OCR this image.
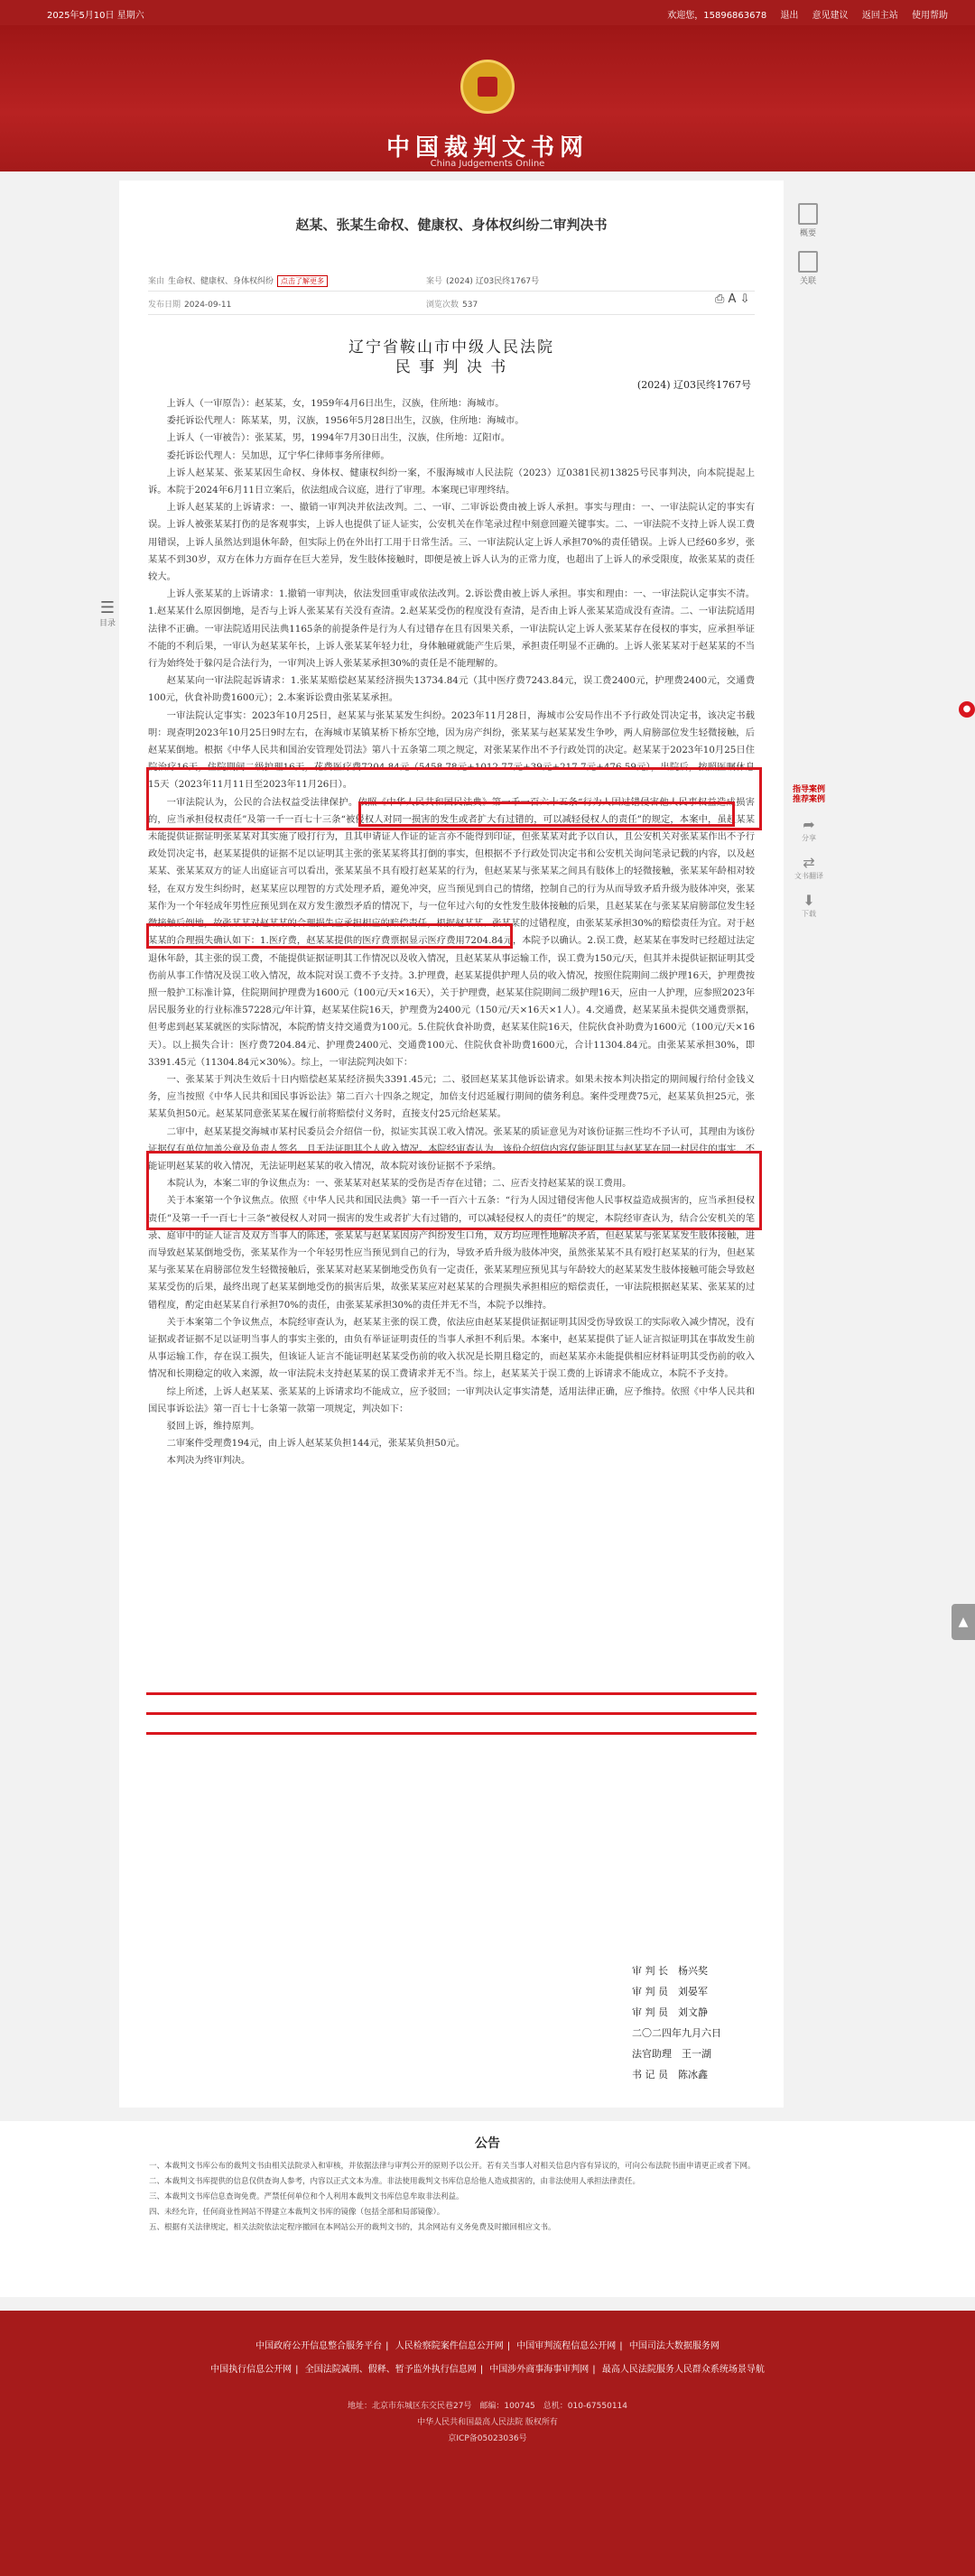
2025年5月10日 星期六	欢迎您，15896863678 退出 意见建议 返回主站 使用帮助
中国裁判文书网
China Judgements Online
赵某、张某生命权、健康权、身体权纠纷二审判决书
案由 生命权、健康权、身体权纠纷 点击了解更多	案号 (2024) 辽03民终1767号
发布日期 2024-09-11	浏览次数 537	⎙ A ⇩
辽宁省鞍山市中级人民法院
民 事 判 决 书
(2024) 辽03民终1767号

上诉人（一审原告）：赵某某，女，1959年4月6日出生，汉族，住所地：海城市。

委托诉讼代理人：陈某某，男，汉族，1956年5月28日出生，汉族，住所地：海城市。

上诉人（一审被告）：张某某，男，1994年7月30日出生，汉族，住所地：辽阳市。

委托诉讼代理人：吴加思，辽宁华仁律师事务所律师。

上诉人赵某某、张某某因生命权、身体权、健康权纠纷一案，不服海城市人民法院（2023）辽0381民初13825号民事判决，向本院提起上诉。本院于2024年6月11日立案后，依法组成合议庭，进行了审理。本案现已审理终结。

上诉人赵某某的上诉请求：一、撤销一审判决并依法改判。二、一审、二审诉讼费由被上诉人承担。事实与理由：一、一审法院认定的事实有误。上诉人被张某某打伤的是客观事实，上诉人也提供了证人证实，公安机关在作笔录过程中刻意回避关键事实。二、一审法院不支持上诉人误工费用错误，上诉人虽然达到退休年龄，但实际上仍在外出打工用于日常生活。三、一审法院认定上诉人承担70%的责任错误。上诉人已经60多岁，张某某不到30岁，双方在体力方面存在巨大差异，发生肢体接触时，即便是被上诉人认为的正常力度，也超出了上诉人的承受限度，故张某某的责任较大。

上诉人张某某的上诉请求：1.撤销一审判决，依法发回重审或依法改判。2.诉讼费由被上诉人承担。事实和理由：一、一审法院认定事实不清。1.赵某某什么原因倒地，是否与上诉人张某某有关没有查清。2.赵某某受伤的程度没有查清，是否由上诉人张某某造成没有查清。二、一审法院适用法律不正确。一审法院适用民法典1165条的前提条件是行为人有过错存在且有因果关系，一审法院认定上诉人张某某存在侵权的事实，应承担举证不能的不利后果，一审认为赵某某年长，上诉人张某某年轻力壮，身体触碰就能产生后果，承担责任明显不正确的。上诉人张某某对于赵某某的不当行为始终处于躲闪是合法行为，一审判决上诉人张某某承担30%的责任是不能理解的。

赵某某向一审法院起诉请求：1.张某某赔偿赵某某经济损失13734.84元（其中医疗费7243.84元，误工费2400元，护理费2400元，交通费100元，伙食补助费1600元）；2.本案诉讼费由张某某承担。

一审法院认定事实：2023年10月25日，赵某某与张某某发生纠纷。2023年11月28日，海城市公安局作出不予行政处罚决定书，该决定书载明：现查明2023年10月25日9时左右，在海城市某镇某桥下桥东空地，因为房产纠纷，张某某与赵某某发生争吵，两人肩膀部位发生轻微接触，后赵某某倒地。根据《中华人民共和国治安管理处罚法》第八十五条第二项之规定，对张某某作出不予行政处罚的决定。赵某某于2023年10月25日住院治疗16天，住院期间二级护理16天，花费医疗费7204.84元（5458.78元+1012.77元+39元+217.7元+476.59元），出院后，按照医嘱休息15天（2023年11月11日至2023年11月26日）。

一审法院认为，公民的合法权益受法律保护。依照《中华人民共和国民法典》第一千一百六十五条“行为人因过错侵害他人民事权益造成损害的，应当承担侵权责任”及第一千一百七十三条“被侵权人对同一损害的发生或者扩大有过错的，可以减轻侵权人的责任”的规定，本案中，虽赵某某未能提供证据证明张某某对其实施了殴打行为，且其申请证人作证的证言亦不能得到印证，但张某某对此予以自认，且公安机关对张某某作出不予行政处罚决定书，赵某某提供的证据不足以证明其主张的张某某将其打倒的事实，但根据不予行政处罚决定书和公安机关询问笔录记载的内容，以及赵某某、张某某双方的证人出庭证言可以看出，张某某虽不具有殴打赵某某的行为，但赵某某与张某某之间具有肢体上的轻微接触，张某某年龄相对较轻，在双方发生纠纷时，赵某某应以理智的方式处理矛盾，避免冲突，应当预见到自己的情绪，控制自己的行为从而导致矛盾升级为肢体冲突，张某某作为一个年轻成年男性应预见到在双方发生激烈矛盾的情况下，与一位年过六旬的女性发生肢体接触的后果，且赵某某在与张某某肩膀部位发生轻微接触后倒地，故张某某对赵某某的合理损失应承担相应的赔偿责任，根据赵某某、张某某的过错程度，由张某某承担30%的赔偿责任为宜。对于赵某某的合理损失确认如下：1.医疗费，赵某某提供的医疗费票据显示医疗费用7204.84元，本院予以确认。2.误工费，赵某某在事发时已经超过法定退休年龄，其主张的误工费，不能提供证据证明其工作情况以及收入情况，且赵某某从事运输工作，误工费为150元/天，但其并未提供证据证明其受伤前从事工作情况及误工收入情况，故本院对误工费不予支持。3.护理费，赵某某提供护理人员的收入情况，按照住院期间二级护理16天，护理费按照一般护工标准计算，住院期间护理费为1600元（100元/天×16天），关于护理费，赵某某住院期间二级护理16天，应由一人护理，应参照2023年居民服务业的行业标准57228元/年计算，赵某某住院16天，护理费为2400元（150元/天×16天×1人）。4.交通费，赵某某虽未提供交通费票据，但考虑到赵某某就医的实际情况，本院酌情支持交通费为100元。5.住院伙食补助费，赵某某住院16天，住院伙食补助费为1600元（100元/天×16天）。以上损失合计：医疗费7204.84元、护理费2400元、交通费100元、住院伙食补助费1600元，合计11304.84元。由张某某承担30%，即3391.45元（11304.84元×30%）。综上，一审法院判决如下：

一、张某某于判决生效后十日内赔偿赵某某经济损失3391.45元；二、驳回赵某某其他诉讼请求。如果未按本判决指定的期间履行给付金钱义务，应当按照《中华人民共和国民事诉讼法》第二百六十四条之规定，加倍支付迟延履行期间的债务利息。案件受理费75元，赵某某负担25元，张某某负担50元。赵某某同意张某某在履行前将赔偿付义务时，直接支付25元给赵某某。

二审中，赵某某提交海城市某村民委员会介绍信一份，拟证实其误工收入情况。张某某的质证意见为对该份证据三性均不予认可，其理由为该份证据仅有单位加盖公章及负责人签名，且无法证明其个人收入情况。本院经审查认为，该份介绍信内容仅能证明其与赵某某在同一村居住的事实，不能证明赵某某的收入情况，无法证明赵某某的收入情况，故本院对该份证据不予采纳。

本院认为，本案二审的争议焦点为：一、张某某对赵某某的受伤是否存在过错；二、应否支持赵某某的误工费用。

关于本案第一个争议焦点。依照《中华人民共和国民法典》第一千一百六十五条：“行为人因过错侵害他人民事权益造成损害的，应当承担侵权责任”及第一千一百七十三条“被侵权人对同一损害的发生或者扩大有过错的，可以减轻侵权人的责任”的规定，本院经审查认为，结合公安机关的笔录、庭审中的证人证言及双方当事人的陈述，张某某与赵某某因房产纠纷发生口角，双方均应理性地解决矛盾，但赵某某与张某某发生肢体接触，进而导致赵某某倒地受伤，张某某作为一个年轻男性应当预见到自己的行为，导致矛盾升级为肢体冲突，虽然张某某不具有殴打赵某某的行为，但赵某某与张某某在肩膀部位发生轻微接触后，张某某对赵某某倒地受伤负有一定责任，张某某理应预见其与年龄较大的赵某某发生肢体接触可能会导致赵某某受伤的后果，最终出现了赵某某倒地受伤的损害后果，故张某某应对赵某某的合理损失承担相应的赔偿责任，一审法院根据赵某某、张某某的过错程度，酌定由赵某某自行承担70%的责任，由张某某承担30%的责任并无不当，本院予以维持。

关于本案第二个争议焦点，本院经审查认为，赵某某主张的误工费，依法应由赵某某提供证据证明其因受伤导致误工的实际收入减少情况，没有证据或者证据不足以证明当事人的事实主张的，由负有举证证明责任的当事人承担不利后果。本案中，赵某某提供了证人证言拟证明其在事故发生前从事运输工作，存在误工损失，但该证人证言不能证明赵某某受伤前的收入状况是长期且稳定的，而赵某某亦未能提供相应材料证明其受伤前的收入情况和长期稳定的收入来源，故一审法院未支持赵某某的误工费请求并无不当。综上，赵某某关于误工费的上诉请求不能成立，本院不予支持。

综上所述，上诉人赵某某、张某某的上诉请求均不能成立，应予驳回；一审判决认定事实清楚，适用法律正确，应予维持。依照《中华人民共和国民事诉讼法》第一百七十七条第一款第一项规定，判决如下：

驳回上诉，维持原判。

二审案件受理费194元，由上诉人赵某某负担144元，张某某负担50元。

本判决为终审判决。

审 判 长　杨兴奖
审 判 员　刘晏军
审 判 员　刘文静
二〇二四年九月六日
法官助理　王一湖
书 记 员　陈冰鑫
概要
关联
☰
目录
指导案例推荐案例
➦
分享
⇄
文书翻译
⬇
下载
●
▲
公告
一、本裁判文书库公布的裁判文书由相关法院录入和审核，并依据法律与审判公开的原则予以公开。若有关当事人对相关信息内容有异议的，可向公布法院书面申请更正或者下网。
二、本裁判文书库提供的信息仅供查询人参考，内容以正式文本为准。非法使用裁判文书库信息给他人造成损害的，由非法使用人承担法律责任。
三、本裁判文书库信息查询免费。严禁任何单位和个人利用本裁判文书库信息牟取非法利益。
四、未经允许，任何商业性网站不得建立本裁判文书库的镜像（包括全部和局部镜像）。
五、根据有关法律规定，相关法院依法定程序撤回在本网站公开的裁判文书的，其余网站有义务免费及时撤回相应文书。
中国政府公开信息整合服务平台 | 人民检察院案件信息公开网 | 中国审判流程信息公开网 | 中国司法大数据服务网
中国执行信息公开网 | 全国法院减刑、假释、暂予监外执行信息网 | 中国涉外商事海事审判网 | 最高人民法院服务人民群众系统场景导航
地址：北京市东城区东交民巷27号　邮编：100745　总机：010-67550114
中华人民共和国最高人民法院 版权所有
京ICP备05023036号
